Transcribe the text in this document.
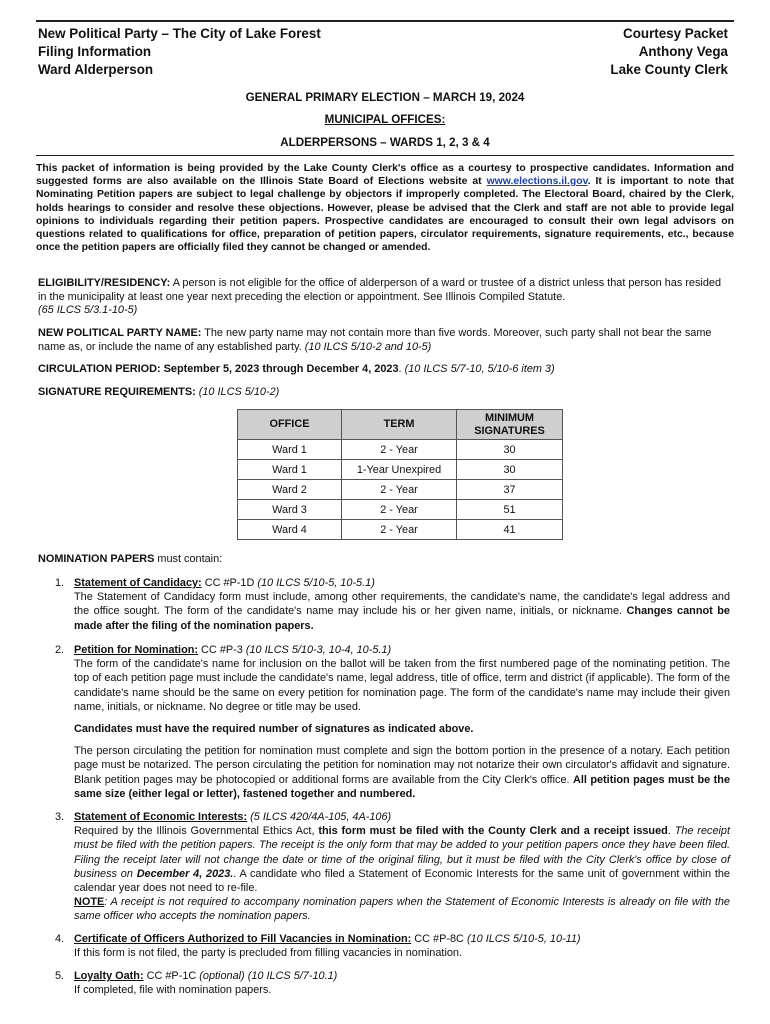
New Political Party – The City of Lake Forest
Filing Information
Ward Alderperson
Courtesy Packet
Anthony Vega
Lake County Clerk
GENERAL PRIMARY ELECTION – MARCH 19, 2024
MUNICIPAL OFFICES:
ALDERPERSONS – WARDS 1, 2, 3 & 4
This packet of information is being provided by the Lake County Clerk's office as a courtesy to prospective candidates. Information and suggested forms are also available on the Illinois State Board of Elections website at www.elections.il.gov. It is important to note that Nominating Petition papers are subject to legal challenge by objectors if improperly completed. The Electoral Board, chaired by the Clerk, holds hearings to consider and resolve these objections. However, please be advised that the Clerk and staff are not able to provide legal opinions to individuals regarding their petition papers. Prospective candidates are encouraged to consult their own legal advisors on questions related to qualifications for office, preparation of petition papers, circulator requirements, signature requirements, etc., because once the petition papers are officially filed they cannot be changed or amended.
ELIGIBILITY/RESIDENCY: A person is not eligible for the office of alderperson of a ward or trustee of a district unless that person has resided in the municipality at least one year next preceding the election or appointment. See Illinois Compiled Statute.
(65 ILCS 5/3.1-10-5)
NEW POLITICAL PARTY NAME: The new party name may not contain more than five words. Moreover, such party shall not bear the same name as, or include the name of any established party. (10 ILCS 5/10-2 and 10-5)
CIRCULATION PERIOD: September 5, 2023 through December 4, 2023. (10 ILCS 5/7-10, 5/10-6 item 3)
SIGNATURE REQUIREMENTS: (10 ILCS 5/10-2)
OFFICE	TERM	MINIMUM SIGNATURES
Ward 1	2 - Year	30
Ward 1	1-Year Unexpired	30
Ward 2	2 - Year	37
Ward 3	2 - Year	51
Ward 4	2 - Year	41
NOMINATION PAPERS must contain:
1. Statement of Candidacy: CC #P-1D (10 ILCS 5/10-5, 10-5.1)

The Statement of Candidacy form must include, among other requirements, the candidate's name, the candidate's legal address and the office sought. The form of the candidate's name may include his or her given name, initials, or nickname. Changes cannot be made after the filing of the nomination papers.

2. Petition for Nomination: CC #P-3 (10 ILCS 5/10-3, 10-4, 10-5.1)

The form of the candidate's name for inclusion on the ballot will be taken from the first numbered page of the nominating petition. The top of each petition page must include the candidate's name, legal address, title of office, term and district (if applicable). The form of the candidate's name should be the same on every petition for nomination page. The form of the candidate's name may include their given name, initials, or nickname. No degree or title may be used.

Candidates must have the required number of signatures as indicated above.

The person circulating the petition for nomination must complete and sign the bottom portion in the presence of a notary. Each petition page must be notarized. The person circulating the petition for nomination may not notarize their own circulator's affidavit and signature. Blank petition pages may be photocopied or additional forms are available from the City Clerk's office. All petition pages must be the same size (either legal or letter), fastened together and numbered.

3. Statement of Economic Interests: (5 ILCS 420/4A-105, 4A-106)

Required by the Illinois Governmental Ethics Act, this form must be filed with the County Clerk and a receipt issued. The receipt must be filed with the petition papers. The receipt is the only form that may be added to your petition papers once they have been filed. Filing the receipt later will not change the date or time of the original filing, but it must be filed with the City Clerk's office by close of business on December 4, 2023.. A candidate who filed a Statement of Economic Interests for the same unit of government within the calendar year does not need to re-file.

NOTE: A receipt is not required to accompany nomination papers when the Statement of Economic Interests is already on file with the same officer who accepts the nomination papers.

4. Certificate of Officers Authorized to Fill Vacancies in Nomination: CC #P-8C (10 ILCS 5/10-5, 10-11)

If this form is not filed, the party is precluded from filling vacancies in nomination.

5. Loyalty Oath: CC #P-1C (optional) (10 ILCS 5/7-10.1)

If completed, file with nomination papers.
